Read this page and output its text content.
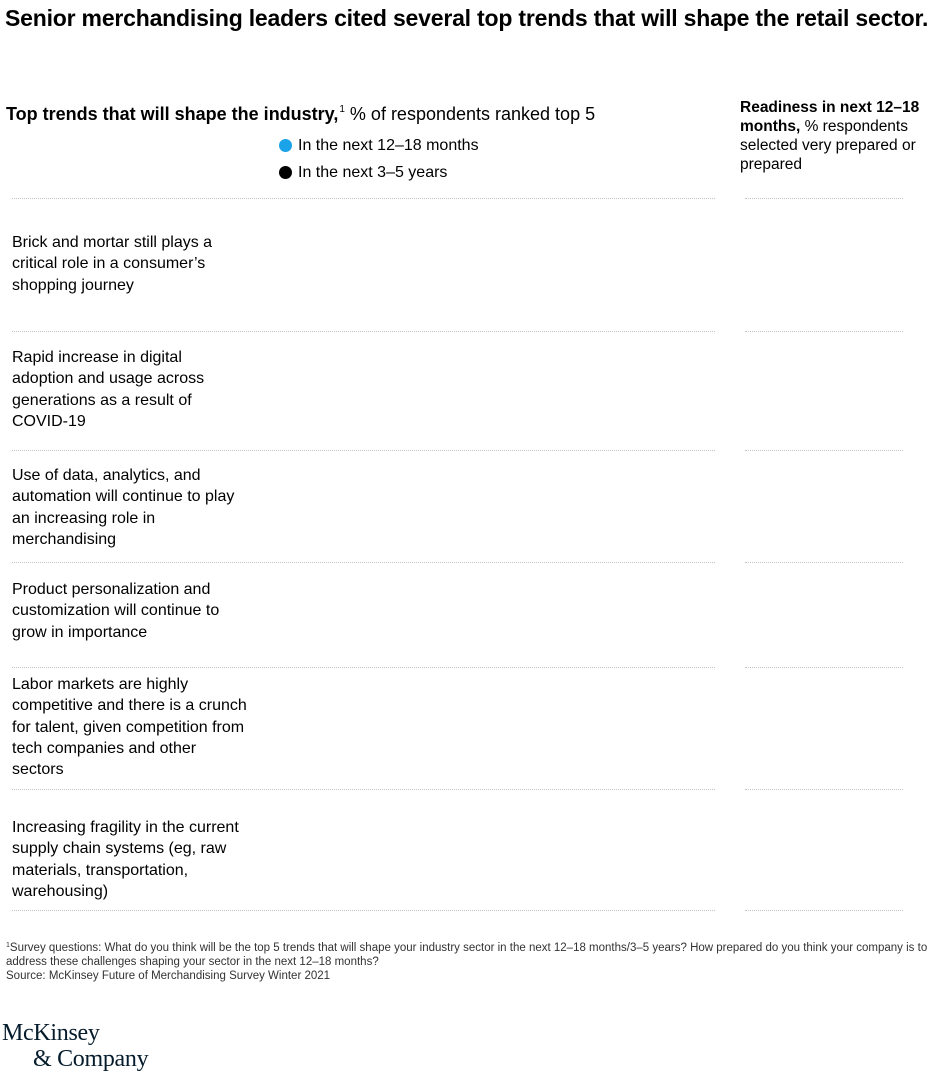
Senior merchandising leaders cited several top trends that will shape the retail sector.
Top trends that will shape the industry,$^1$ % of respondents ranked top 5
In the next 12–18 months
In the next 3–5 years
Readiness in next 12–18 months, % respondents selected very prepared or prepared
Brick and mortar still plays a critical role in a consumer’s shopping journey
Rapid increase in digital adoption and usage across generations as a result of COVID-19
Use of data, analytics, and automation will continue to play an increasing role in merchandising
Product personalization and customization will continue to grow in importance
Labor markets are highly competitive and there is a crunch for talent, given competition from tech companies and other sectors
Increasing fragility in the current supply chain systems (eg, raw materials, transportation, warehousing)
$^1$Survey questions: What do you think will be the top 5 trends that will shape your industry sector in the next 12–18 months/3–5 years? How prepared do you think your company is to address these challenges shaping your sector in the next 12–18 months?
Source: McKinsey Future of Merchandising Survey Winter 2021
McKinsey
& Company
